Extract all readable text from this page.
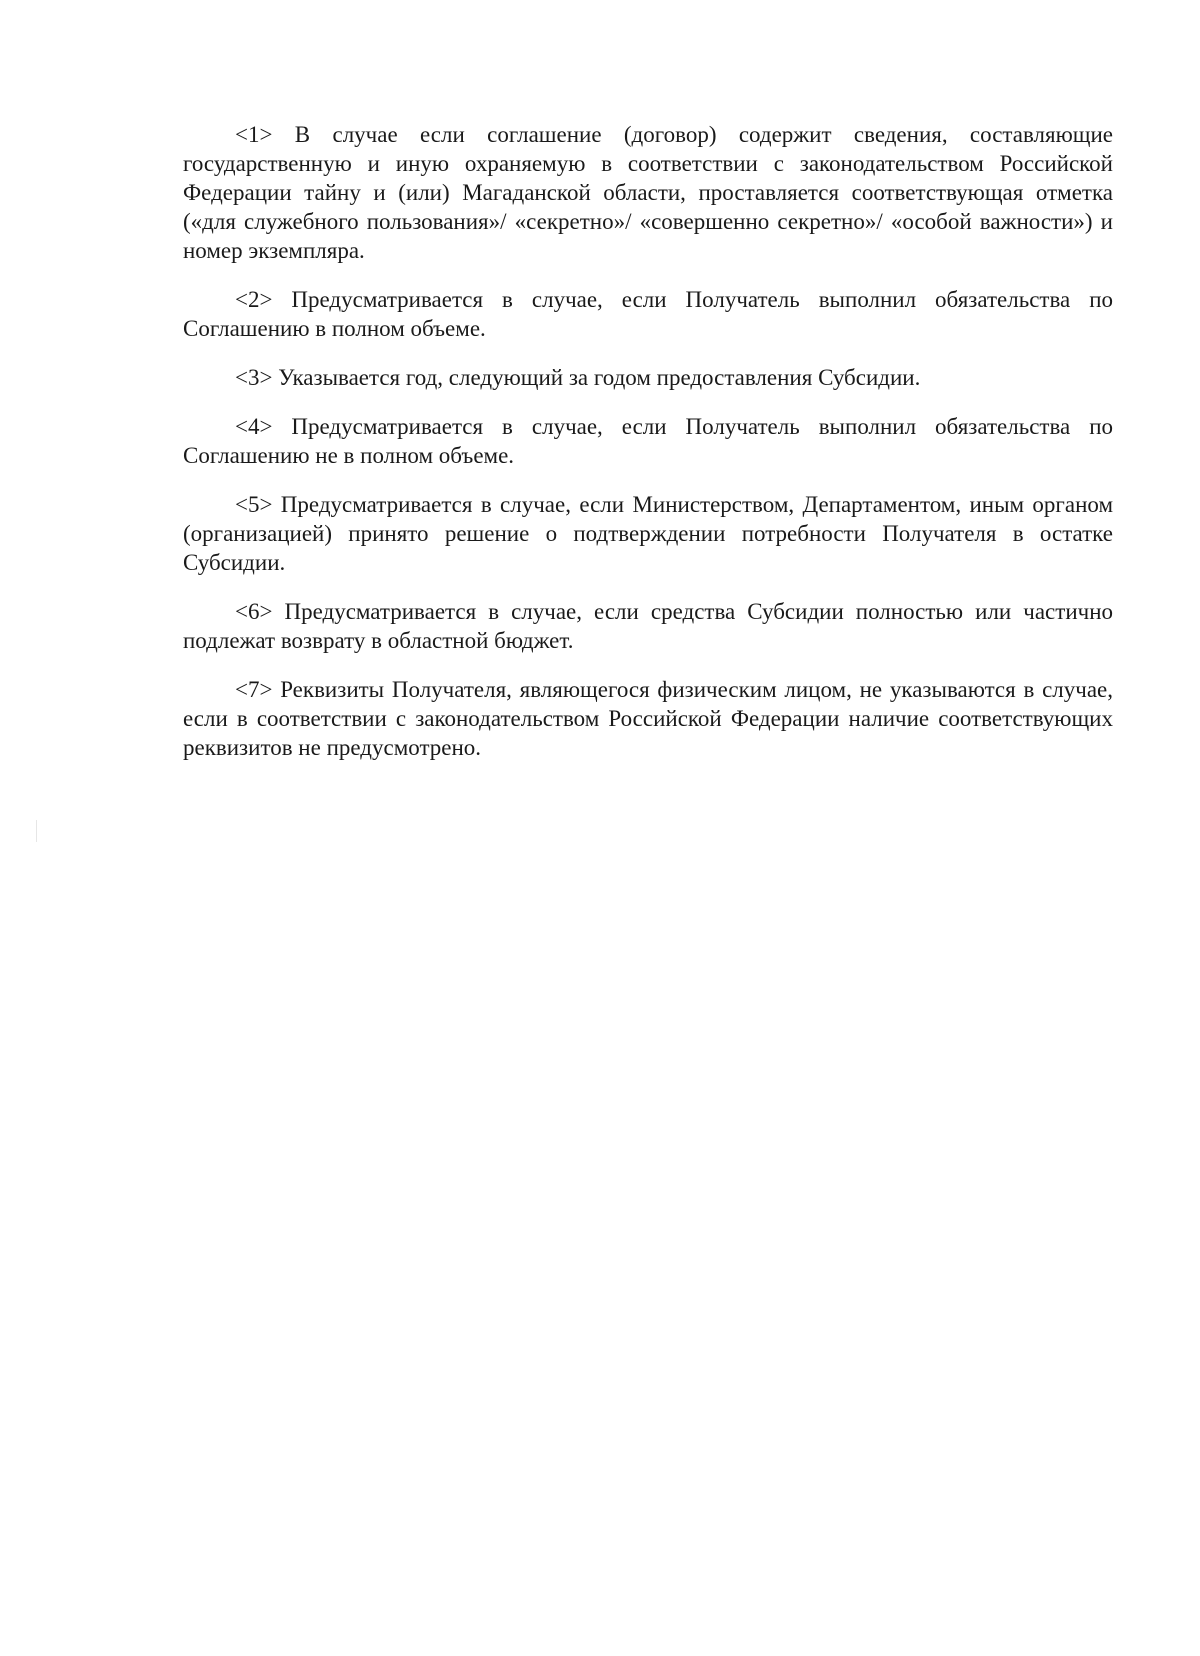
<1> В случае если соглашение (договор) содержит сведения, составляющие государственную и иную охраняемую в соответствии с законодательством Российской Федерации тайну и (или) Магаданской области, проставляется соответствующая отметка («для служебного пользования»/ «секретно»/ «совершенно секретно»/ «особой важности») и номер экземпляра.

<2> Предусматривается в случае, если Получатель выполнил обязательства по Соглашению в полном объеме.

<3> Указывается год, следующий за годом предоставления Субсидии.

<4> Предусматривается в случае, если Получатель выполнил обязательства по Соглашению не в полном объеме.

<5> Предусматривается в случае, если Министерством, Департаментом, иным органом (организацией) принято решение о подтверждении потребности Получателя в остатке Субсидии.

<6> Предусматривается в случае, если средства Субсидии полностью или частично подлежат возврату в областной бюджет.

<7> Реквизиты Получателя, являющегося физическим лицом, не указываются в случае, если в соответствии с законодательством Российской Федерации наличие соответствующих реквизитов не предусмотрено.
